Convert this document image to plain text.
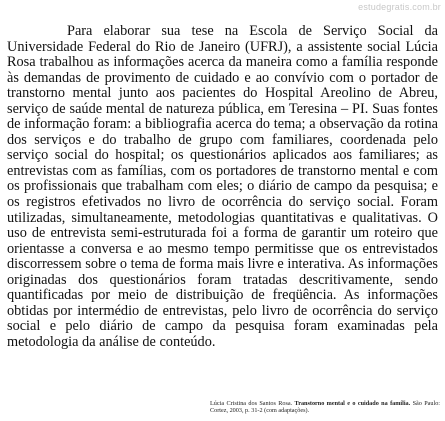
estudegratis.com.br

Para elaborar sua tese na Escola de Serviço Social da Universidade Federal do Rio de Janeiro (UFRJ), a assistente social Lúcia Rosa trabalhou as informações acerca da maneira como a família responde às demandas de provimento de cuidado e ao convívio com o portador de transtorno mental junto aos pacientes do Hospital Areolino de Abreu, serviço de saúde mental de natureza pública, em Teresina – PI. Suas fontes de informação foram: a bibliografia acerca do tema; a observação da rotina dos serviços e do trabalho de grupo com familiares, coordenada pelo serviço social do hospital; os questionários aplicados aos familiares; as entrevistas com as famílias, com os portadores de transtorno mental e com os profissionais que trabalham com eles; o diário de campo da pesquisa; e os registros efetivados no livro de ocorrência do serviço social. Foram utilizadas, simultaneamente, metodologias quantitativas e qualitativas. O uso de entrevista semi-estruturada foi a forma de garantir um roteiro que orientasse a conversa e ao mesmo tempo permitisse que os entrevistados discorressem sobre o tema de forma mais livre e interativa. As informações originadas dos questionários foram tratadas descritivamente, sendo quantificadas por meio de distribuição de freqüência. As informações obtidas por intermédio de entrevistas, pelo livro de ocorrência do serviço social e pelo diário de campo da pesquisa foram examinadas pela metodologia da análise de conteúdo.

Lúcia Cristina dos Santos Rosa. Transtorno mental e o cuidado na família. São Paulo: Cortez, 2003, p. 31-2 (com adaptações).
